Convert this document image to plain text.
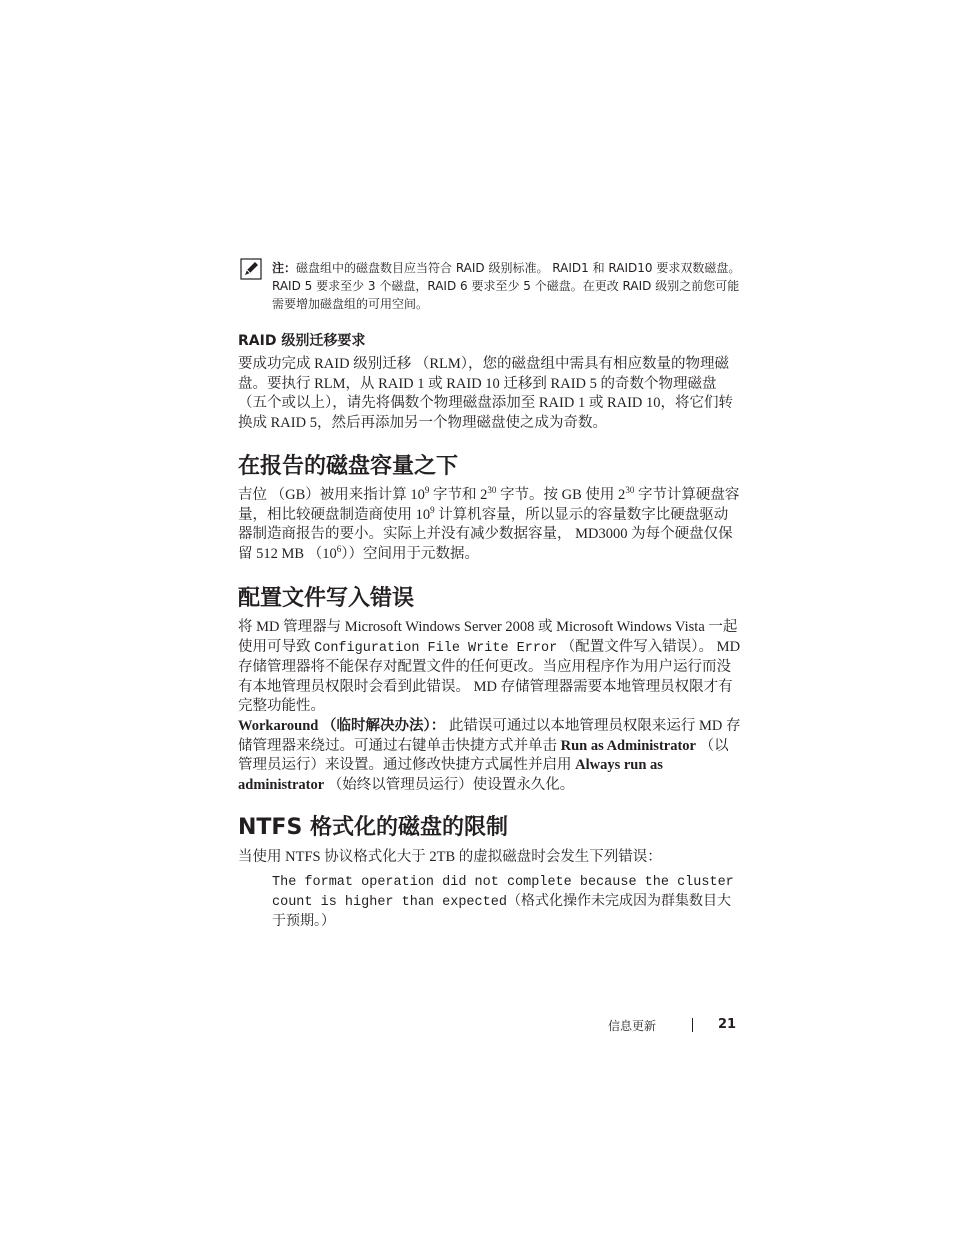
注：磁盘组中的磁盘数目应当符合 RAID 级别标准。 RAID1 和 RAID10 要求双数磁盘。RAID 5 要求至少 3 个磁盘，RAID 6 要求至少 5 个磁盘。在更改 RAID 级别之前您可能需要增加磁盘组的可用空间。
RAID 级别迁移要求
要成功完成 RAID 级别迁移 （RLM），您的磁盘组中需具有相应数量的物理磁盘。要执行 RLM，从 RAID 1 或 RAID 10 迁移到 RAID 5 的奇数个物理磁盘 （五个或以上），请先将偶数个物理磁盘添加至 RAID 1 或 RAID 10，将它们转换成 RAID 5，然后再添加另一个物理磁盘使之成为奇数。
在报告的磁盘容量之下
吉位 （GB）被用来指计算 $10^9$ 字节和 $2^{30}$ 字节。按 GB 使用 $2^{30}$ 字节计算硬盘容量，相比较硬盘制造商使用 $10^9$ 计算机容量，所以显示的容量数字比硬盘驱动器制造商报告的要小。实际上并没有减少数据容量， MD3000 为每个硬盘仅保留 512 MB $(10^6)$）空间用于元数据。
配置文件写入错误
将 MD 管理器与 Microsoft Windows Server 2008 或 Microsoft Windows Vista 一起使用可导致 Configuration File Write Error （配置文件写入错误）。 MD 存储管理器将不能保存对配置文件的任何更改。当应用程序作为用户运行而没有本地管理员权限时会看到此错误。 MD 存储管理器需要本地管理员权限才有完整功能性。
Workaround （临时解决办法）： 此错误可通过以本地管理员权限来运行 MD 存储管理器来绕过。可通过右键单击快捷方式并单击 Run as Administrator （以管理员运行）来设置。通过修改快捷方式属性并启用 Always run as administrator （始终以管理员运行）使设置永久化。
NTFS 格式化的磁盘的限制
当使用 NTFS 协议格式化大于 2TB 的虚拟磁盘时会发生下列错误：
The format operation did not complete because the cluster count is higher than expected（格式化操作未完成因为群集数目大于预期。）
信息更新	21
